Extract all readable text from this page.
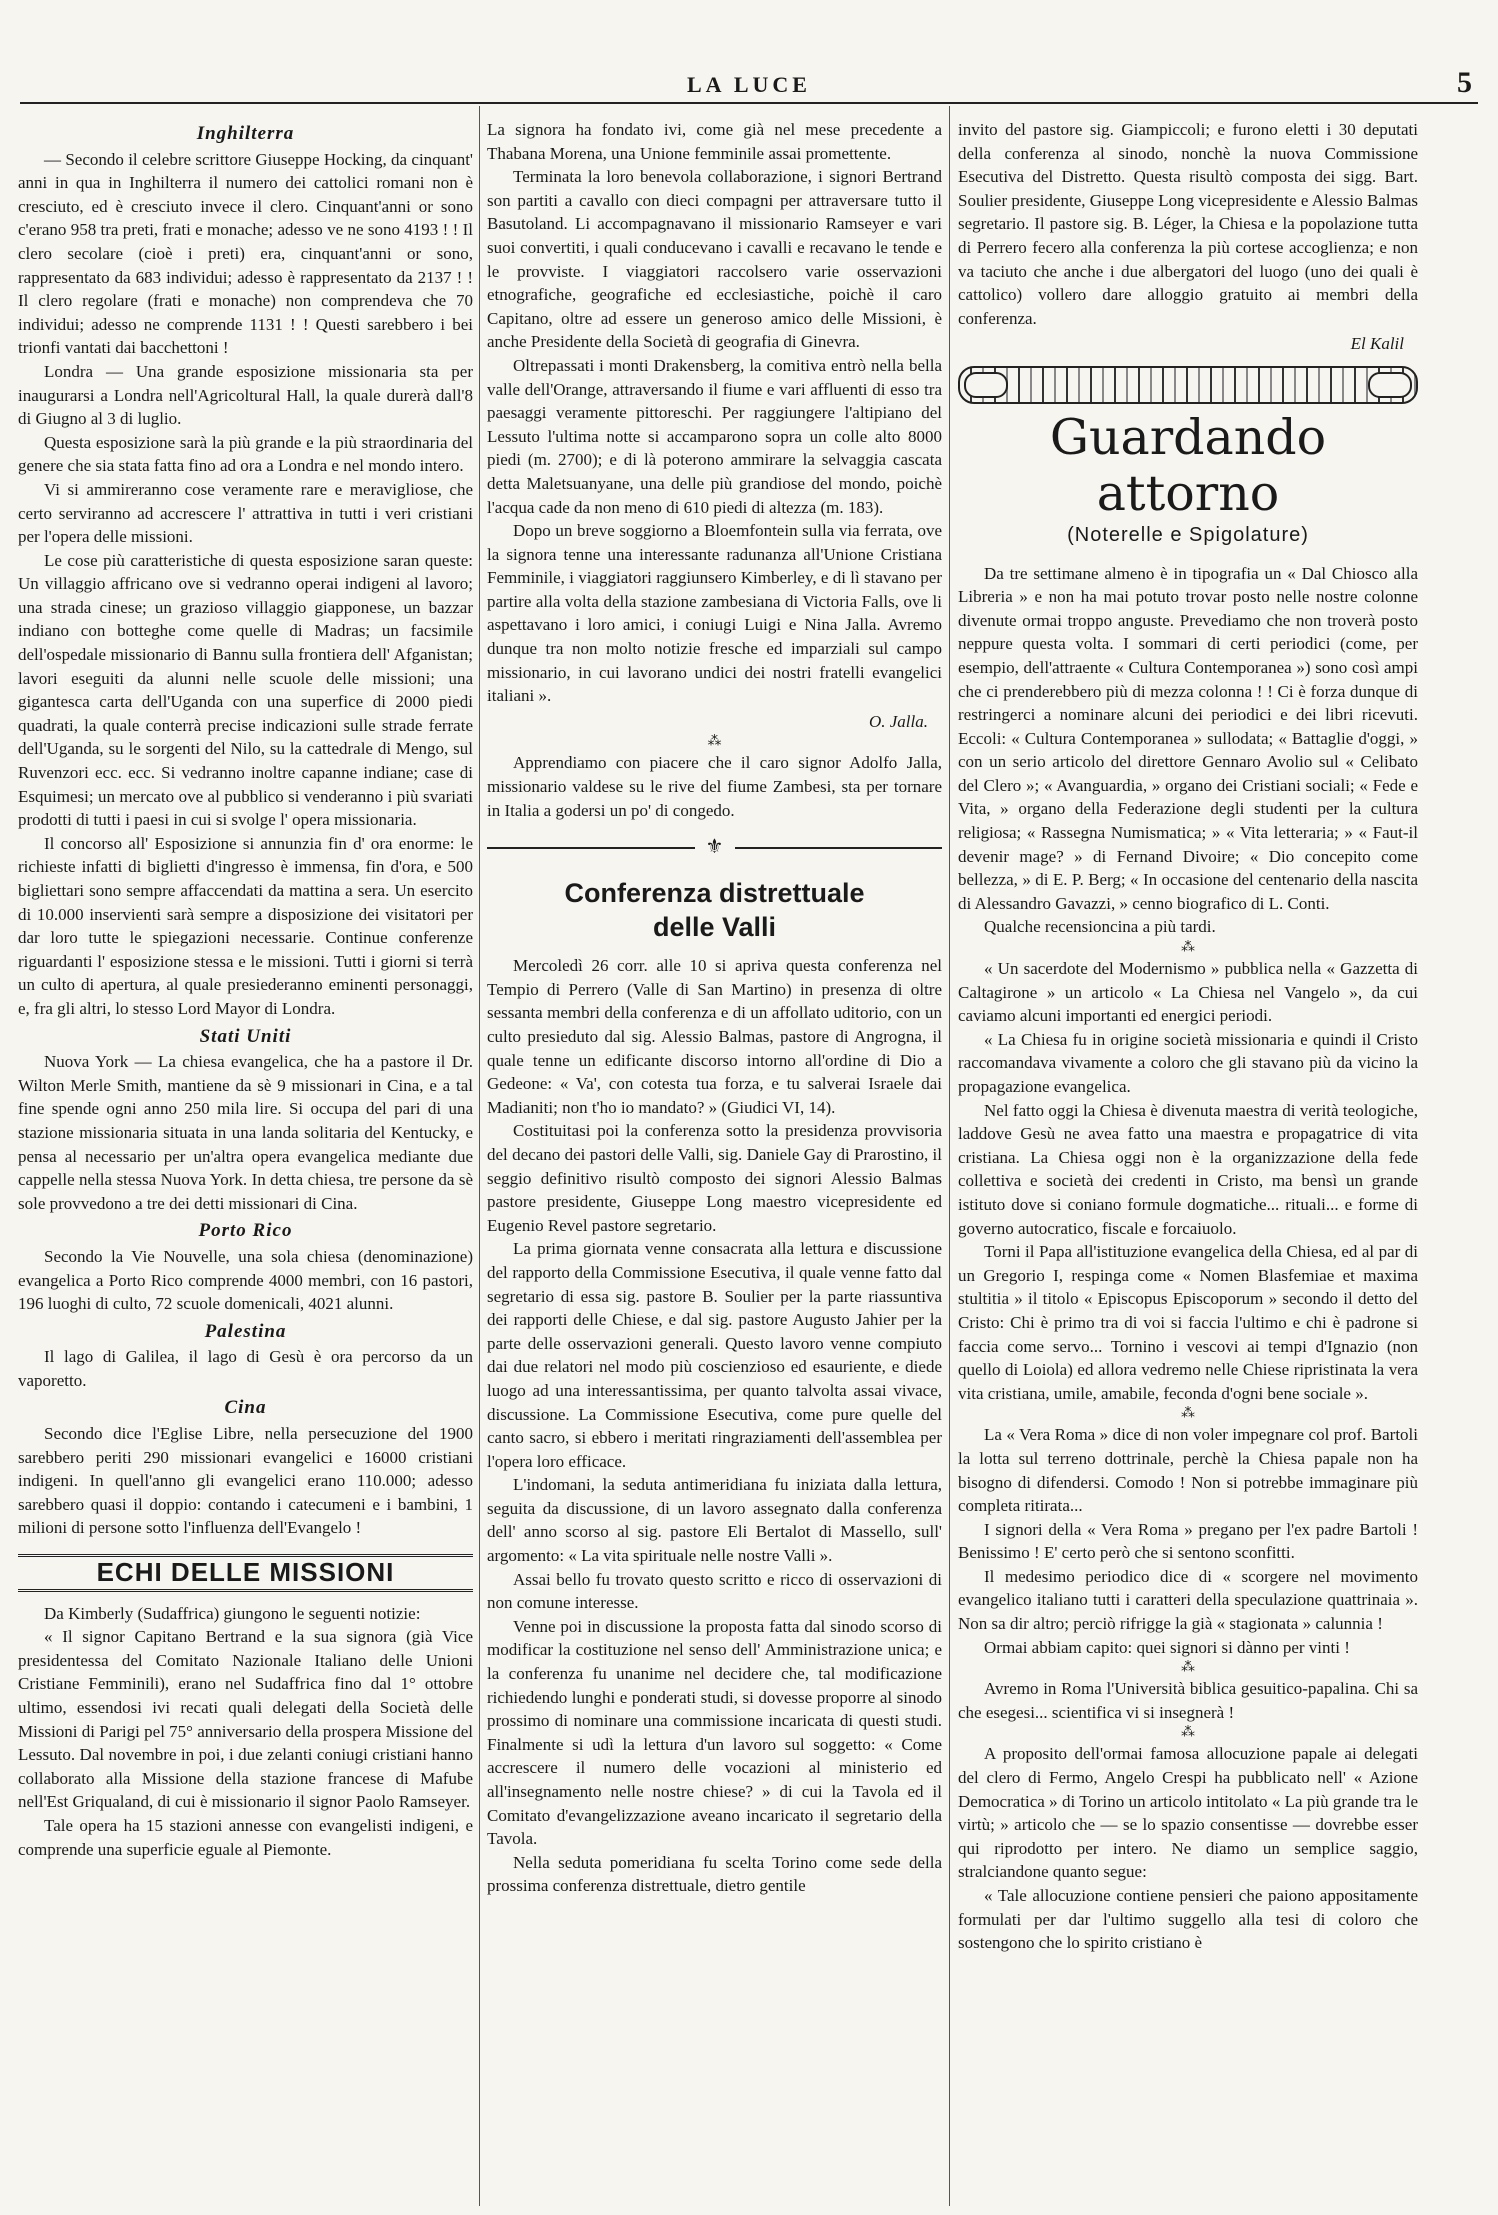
LA LUCE	5
Inghilterra

— Secondo il celebre scrittore Giuseppe Hocking, da cinquant' anni in qua in Inghilterra il numero dei cattolici romani non è cresciuto, ed è cresciuto invece il clero. Cinquant'anni or sono c'erano 958 tra preti, frati e monache; adesso ve ne sono 4193 ! ! Il clero secolare (cioè i preti) era, cinquant'anni or sono, rappresentato da 683 individui; adesso è rappresentato da 2137 ! ! Il clero regolare (frati e monache) non comprendeva che 70 individui; adesso ne comprende 1131 ! ! Questi sarebbero i bei trionfi vantati dai bacchettoni !

Londra — Una grande esposizione missionaria sta per inaugurarsi a Londra nell'Agricoltural Hall, la quale durerà dall'8 di Giugno al 3 di luglio.

Questa esposizione sarà la più grande e la più straordinaria del genere che sia stata fatta fino ad ora a Londra e nel mondo intero.

Vi si ammireranno cose veramente rare e meravigliose, che certo serviranno ad accrescere l' attrattiva in tutti i veri cristiani per l'opera delle missioni.

Le cose più caratteristiche di questa esposizione saran queste: Un villaggio affricano ove si vedranno operai indigeni al lavoro; una strada cinese; un grazioso villaggio giapponese, un bazzar indiano con botteghe come quelle di Madras; un facsimile dell'ospedale missionario di Bannu sulla frontiera dell' Afganistan; lavori eseguiti da alunni nelle scuole delle missioni; una gigantesca carta dell'Uganda con una superfice di 2000 piedi quadrati, la quale conterrà precise indicazioni sulle strade ferrate dell'Uganda, su le sorgenti del Nilo, su la cattedrale di Mengo, sul Ruvenzori ecc. ecc. Si vedranno inoltre capanne indiane; case di Esquimesi; un mercato ove al pubblico si venderanno i più svariati prodotti di tutti i paesi in cui si svolge l' opera missionaria.

Il concorso all' Esposizione si annunzia fin d' ora enorme: le richieste infatti di biglietti d'ingresso è immensa, fin d'ora, e 500 bigliettari sono sempre affaccendati da mattina a sera. Un esercito di 10.000 inservienti sarà sempre a disposizione dei visitatori per dar loro tutte le spiegazioni necessarie. Continue conferenze riguardanti l' esposizione stessa e le missioni. Tutti i giorni si terrà un culto di apertura, al quale presiederanno eminenti personaggi, e, fra gli altri, lo stesso Lord Mayor di Londra.

Stati Uniti

Nuova York — La chiesa evangelica, che ha a pastore il Dr. Wilton Merle Smith, mantiene da sè 9 missionari in Cina, e a tal fine spende ogni anno 250 mila lire. Si occupa del pari di una stazione missionaria situata in una landa solitaria del Kentucky, e pensa al necessario per un'altra opera evangelica mediante due cappelle nella stessa Nuova York. In detta chiesa, tre persone da sè sole provvedono a tre dei detti missionari di Cina.

Porto Rico

Secondo la Vie Nouvelle, una sola chiesa (denominazione) evangelica a Porto Rico comprende 4000 membri, con 16 pastori, 196 luoghi di culto, 72 scuole domenicali, 4021 alunni.

Palestina

Il lago di Galilea, il lago di Gesù è ora percorso da un vaporetto.

Cina

Secondo dice l'Eglise Libre, nella persecuzione del 1900 sarebbero periti 290 missionari evangelici e 16000 cristiani indigeni. In quell'anno gli evangelici erano 110.000; adesso sarebbero quasi il doppio: contando i catecumeni e i bambini, 1 milioni di persone sotto l'influenza dell'Evangelo !

ECHI DELLE MISSIONI

Da Kimberly (Sudaffrica) giungono le seguenti notizie:

« Il signor Capitano Bertrand e la sua signora (già Vice presidentessa del Comitato Nazionale Italiano delle Unioni Cristiane Femminili), erano nel Sudaffrica fino dal 1° ottobre ultimo, essendosi ivi recati quali delegati della Società delle Missioni di Parigi pel 75° anniversario della prospera Missione del Lessuto. Dal novembre in poi, i due zelanti coniugi cristiani hanno collaborato alla Missione della stazione francese di Mafube nell'Est Griqualand, di cui è missionario il signor Paolo Ramseyer.

Tale opera ha 15 stazioni annesse con evangelisti indigeni, e comprende una superficie eguale al Piemonte.

La signora ha fondato ivi, come già nel mese precedente a Thabana Morena, una Unione femminile assai promettente.

Terminata la loro benevola collaborazione, i signori Bertrand son partiti a cavallo con dieci compagni per attraversare tutto il Basutoland. Li accompagnavano il missionario Ramseyer e vari suoi convertiti, i quali conducevano i cavalli e recavano le tende e le provviste. I viaggiatori raccolsero varie osservazioni etnografiche, geografiche ed ecclesiastiche, poichè il caro Capitano, oltre ad essere un generoso amico delle Missioni, è anche Presidente della Società di geografia di Ginevra.

Oltrepassati i monti Drakensberg, la comitiva entrò nella bella valle dell'Orange, attraversando il fiume e vari affluenti di esso tra paesaggi veramente pittoreschi. Per raggiungere l'altipiano del Lessuto l'ultima notte si accamparono sopra un colle alto 8000 piedi (m. 2700); e di là poterono ammirare la selvaggia cascata detta Maletsuanyane, una delle più grandiose del mondo, poichè l'acqua cade da non meno di 610 piedi di altezza (m. 183).

Dopo un breve soggiorno a Bloemfontein sulla via ferrata, ove la signora tenne una interessante radunanza all'Unione Cristiana Femminile, i viaggiatori raggiunsero Kimberley, e di lì stavano per partire alla volta della stazione zambesiana di Victoria Falls, ove li aspettavano i loro amici, i coniugi Luigi e Nina Jalla. Avremo dunque tra non molto notizie fresche ed imparziali sul campo missionario, in cui lavorano undici dei nostri fratelli evangelici italiani ».

O. Jalla.
⁂

Apprendiamo con piacere che il caro signor Adolfo Jalla, missionario valdese su le rive del fiume Zambesi, sta per tornare in Italia a godersi un po' di congedo.

⚜
Conferenza distrettuale
delle Valli

Mercoledì 26 corr. alle 10 si apriva questa conferenza nel Tempio di Perrero (Valle di San Martino) in presenza di oltre sessanta membri della conferenza e di un affollato uditorio, con un culto presieduto dal sig. Alessio Balmas, pastore di Angrogna, il quale tenne un edificante discorso intorno all'ordine di Dio a Gedeone: « Va', con cotesta tua forza, e tu salverai Israele dai Madianiti; non t'ho io mandato? » (Giudici VI, 14).

Costituitasi poi la conferenza sotto la presidenza provvisoria del decano dei pastori delle Valli, sig. Daniele Gay di Prarostino, il seggio definitivo risultò composto dei signori Alessio Balmas pastore presidente, Giuseppe Long maestro vicepresidente ed Eugenio Revel pastore segretario.

La prima giornata venne consacrata alla lettura e discussione del rapporto della Commissione Esecutiva, il quale venne fatto dal segretario di essa sig. pastore B. Soulier per la parte riassuntiva dei rapporti delle Chiese, e dal sig. pastore Augusto Jahier per la parte delle osservazioni generali. Questo lavoro venne compiuto dai due relatori nel modo più coscienzioso ed esauriente, e diede luogo ad una interessantissima, per quanto talvolta assai vivace, discussione. La Commissione Esecutiva, come pure quelle del canto sacro, si ebbero i meritati ringraziamenti dell'assemblea per l'opera loro efficace.

L'indomani, la seduta antimeridiana fu iniziata dalla lettura, seguita da discussione, di un lavoro assegnato dalla conferenza dell' anno scorso al sig. pastore Eli Bertalot di Massello, sull' argomento: « La vita spirituale nelle nostre Valli ».

Assai bello fu trovato questo scritto e ricco di osservazioni di non comune interesse.

Venne poi in discussione la proposta fatta dal sinodo scorso di modificar la costituzione nel senso dell' Amministrazione unica; e la conferenza fu unanime nel decidere che, tal modificazione richiedendo lunghi e ponderati studi, si dovesse proporre al sinodo prossimo di nominare una commissione incaricata di questi studi. Finalmente si udì la lettura d'un lavoro sul soggetto: « Come accrescere il numero delle vocazioni al ministerio ed all'insegnamento nelle nostre chiese? » di cui la Tavola ed il Comitato d'evangelizzazione aveano incaricato il segretario della Tavola.

Nella seduta pomeridiana fu scelta Torino come sede della prossima conferenza distrettuale, dietro gentile

invito del pastore sig. Giampiccoli; e furono eletti i 30 deputati della conferenza al sinodo, nonchè la nuova Commissione Esecutiva del Distretto. Questa risultò composta dei sigg. Bart. Soulier presidente, Giuseppe Long vicepresidente e Alessio Balmas segretario. Il pastore sig. B. Léger, la Chiesa e la popolazione tutta di Perrero fecero alla conferenza la più cortese accoglienza; e non va taciuto che anche i due albergatori del luogo (uno dei quali è cattolico) vollero dare alloggio gratuito ai membri della conferenza.

El Kalil
Guardando attorno
(Noterelle e Spigolature)

Da tre settimane almeno è in tipografia un « Dal Chiosco alla Libreria » e non ha mai potuto trovar posto nelle nostre colonne divenute ormai troppo anguste. Prevediamo che non troverà posto neppure questa volta. I sommari di certi periodici (come, per esempio, dell'attraente « Cultura Contemporanea ») sono così ampi che ci prenderebbero più di mezza colonna ! ! Ci è forza dunque di restringerci a nominare alcuni dei periodici e dei libri ricevuti. Eccoli: « Cultura Contemporanea » sullodata; « Battaglie d'oggi, » con un serio articolo del direttore Gennaro Avolio sul « Celibato del Clero »; « Avanguardia, » organo dei Cristiani sociali; « Fede e Vita, » organo della Federazione degli studenti per la cultura religiosa; « Rassegna Numismatica; » « Vita letteraria; » « Faut-il devenir mage? » di Fernand Divoire; « Dio concepito come bellezza, » di E. P. Berg; « In occasione del centenario della nascita di Alessandro Gavazzi, » cenno biografico di L. Conti.

Qualche recensioncina a più tardi.

⁂

« Un sacerdote del Modernismo » pubblica nella « Gazzetta di Caltagirone » un articolo « La Chiesa nel Vangelo », da cui caviamo alcuni importanti ed energici periodi.

« La Chiesa fu in origine società missionaria e quindi il Cristo raccomandava vivamente a coloro che gli stavano più da vicino la propagazione evangelica.

Nel fatto oggi la Chiesa è divenuta maestra di verità teologiche, laddove Gesù ne avea fatto una maestra e propagatrice di vita cristiana. La Chiesa oggi non è la organizzazione della fede collettiva e società dei credenti in Cristo, ma bensì un grande istituto dove si coniano formule dogmatiche... rituali... e forme di governo autocratico, fiscale e forcaiuolo.

Torni il Papa all'istituzione evangelica della Chiesa, ed al par di un Gregorio I, respinga come « Nomen Blasfemiae et maxima stultitia » il titolo « Episcopus Episcoporum » secondo il detto del Cristo: Chi è primo tra di voi si faccia l'ultimo e chi è padrone si faccia come servo... Tornino i vescovi ai tempi d'Ignazio (non quello di Loiola) ed allora vedremo nelle Chiese ripristinata la vera vita cristiana, umile, amabile, feconda d'ogni bene sociale ».

⁂

La « Vera Roma » dice di non voler impegnare col prof. Bartoli la lotta sul terreno dottrinale, perchè la Chiesa papale non ha bisogno di difendersi. Comodo ! Non si potrebbe immaginare più completa ritirata...

I signori della « Vera Roma » pregano per l'ex padre Bartoli ! Benissimo ! E' certo però che si sentono sconfitti.

Il medesimo periodico dice di « scorgere nel movimento evangelico italiano tutti i caratteri della speculazione quattrinaia ». Non sa dir altro; perciò rifrigge la già « stagionata » calunnia !

Ormai abbiam capito: quei signori si dànno per vinti !

⁂

Avremo in Roma l'Università biblica gesuitico-papalina. Chi sa che esegesi... scientifica vi si insegnerà !

⁂

A proposito dell'ormai famosa allocuzione papale ai delegati del clero di Fermo, Angelo Crespi ha pubblicato nell' « Azione Democratica » di Torino un articolo intitolato « La più grande tra le virtù; » articolo che — se lo spazio consentisse — dovrebbe esser qui riprodotto per intero. Ne diamo un semplice saggio, stralciandone quanto segue:

« Tale allocuzione contiene pensieri che paiono appositamente formulati per dar l'ultimo suggello alla tesi di coloro che sostengono che lo spirito cristiano è
